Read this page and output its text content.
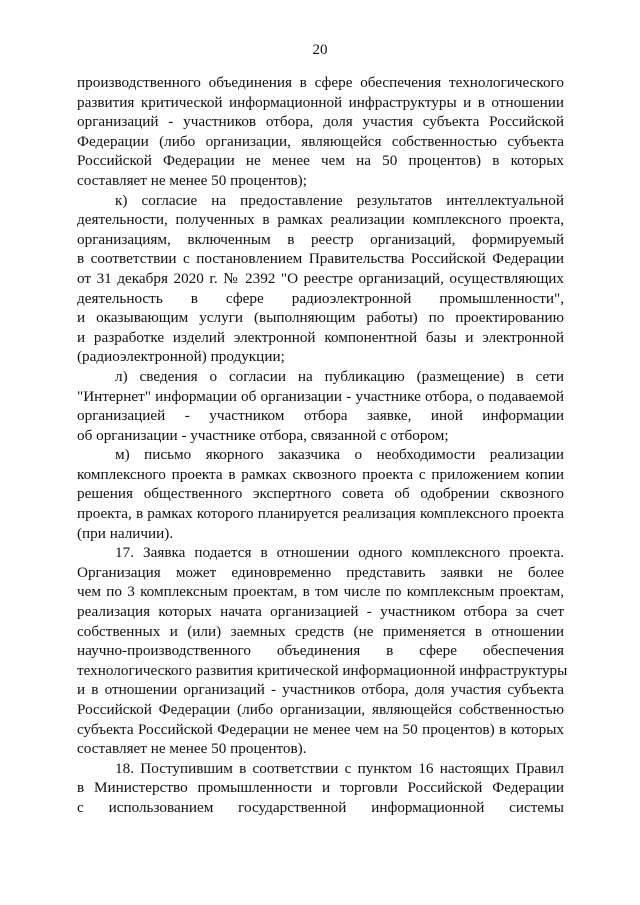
20
производственного объединения в сфере обеспечения технологического
развития критической информационной инфраструктуры и в отношении
организаций - участников отбора, доля участия субъекта Российской
Федерации (либо организации, являющейся собственностью субъекта
Российской Федерации не менее чем на 50 процентов) в которых
составляет не менее 50 процентов);
к) согласие на предоставление результатов интеллектуальной
деятельности, полученных в рамках реализации комплексного проекта,
организациям, включенным в реестр организаций, формируемый
в соответствии с постановлением Правительства Российской Федерации
от 31 декабря 2020 г. № 2392 "О реестре организаций, осуществляющих
деятельность в сфере радиоэлектронной промышленности",
и оказывающим услуги (выполняющим работы) по проектированию
и разработке изделий электронной компонентной базы и электронной
(радиоэлектронной) продукции;
л) сведения о согласии на публикацию (размещение) в сети
"Интернет" информации об организации - участнике отбора, о подаваемой
организацией - участником отбора заявке, иной информации
об организации - участнике отбора, связанной с отбором;
м) письмо якорного заказчика о необходимости реализации
комплексного проекта в рамках сквозного проекта с приложением копии
решения общественного экспертного совета об одобрении сквозного
проекта, в рамках которого планируется реализация комплексного проекта
(при наличии).
17. Заявка подается в отношении одного комплексного проекта.
Организация может единовременно представить заявки не более
чем по 3 комплексным проектам, в том числе по комплексным проектам,
реализация которых начата организацией - участником отбора за счет
собственных и (или) заемных средств (не применяется в отношении
научно-производственного объединения в сфере обеспечения
технологического развития критической информационной инфраструктуры
и в отношении организаций - участников отбора, доля участия субъекта
Российской Федерации (либо организации, являющейся собственностью
субъекта Российской Федерации не менее чем на 50 процентов) в которых
составляет не менее 50 процентов).
18. Поступившим в соответствии с пунктом 16 настоящих Правил
в Министерство промышленности и торговли Российской Федерации
с использованием государственной информационной системы
